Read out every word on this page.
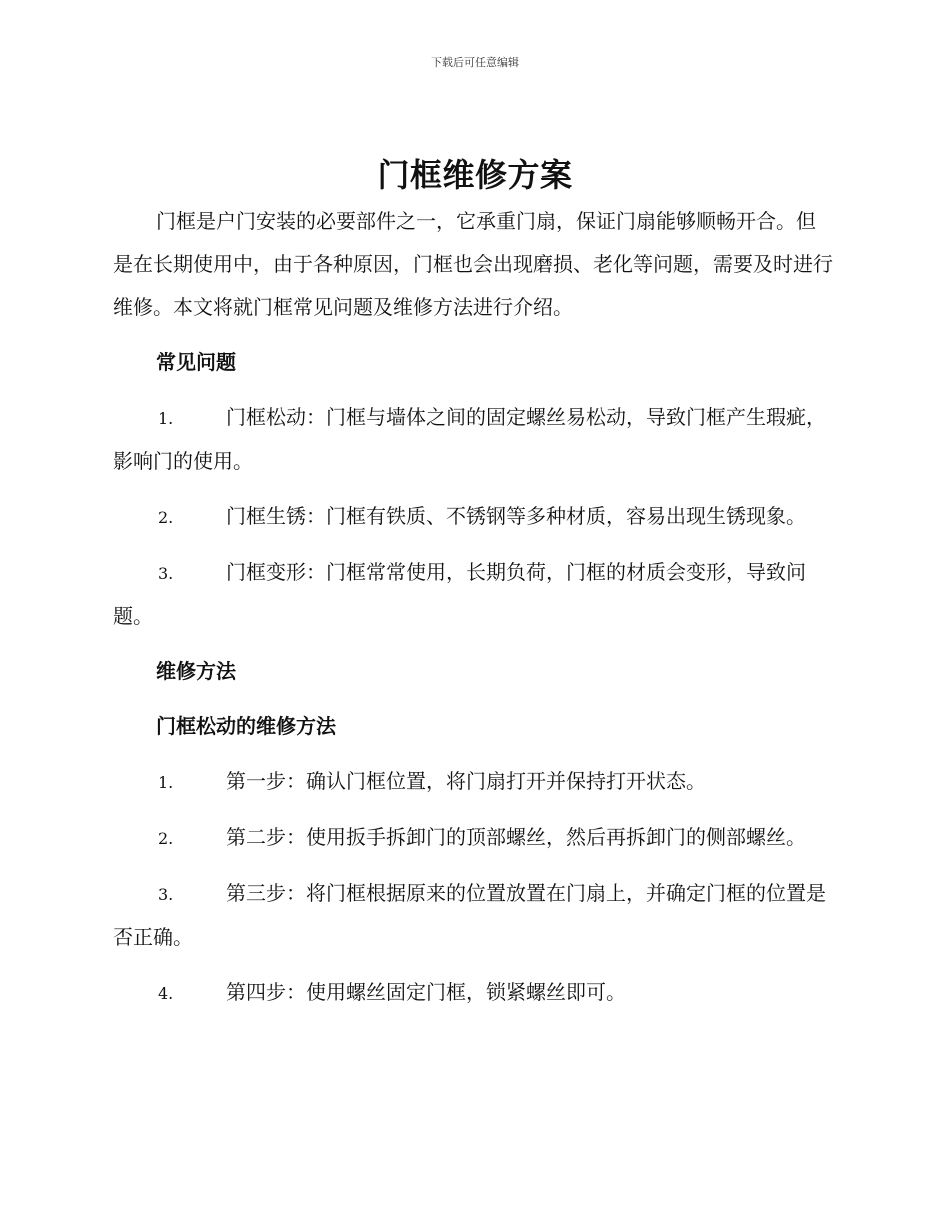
下载后可任意编辑
门框维修方案

门框是户门安装的必要部件之一，它承重门扇，保证门扇能够顺畅开合。但是在长期使用中，由于各种原因，门框也会出现磨损、老化等问题，需要及时进行维修。本文将就门框常见问题及维修方法进行介绍。

常见问题

1.	门框松动：门框与墙体之间的固定螺丝易松动，导致门框产生瑕疵，影响门的使用。

2.	门框生锈：门框有铁质、不锈钢等多种材质，容易出现生锈现象。

3.	门框变形：门框常常使用，长期负荷，门框的材质会变形，导致问题。

维修方法

门框松动的维修方法

1.	第一步：确认门框位置，将门扇打开并保持打开状态。

2.	第二步：使用扳手拆卸门的顶部螺丝，然后再拆卸门的侧部螺丝。

3.	第三步：将门框根据原来的位置放置在门扇上，并确定门框的位置是否正确。

4.	第四步：使用螺丝固定门框，锁紧螺丝即可。
